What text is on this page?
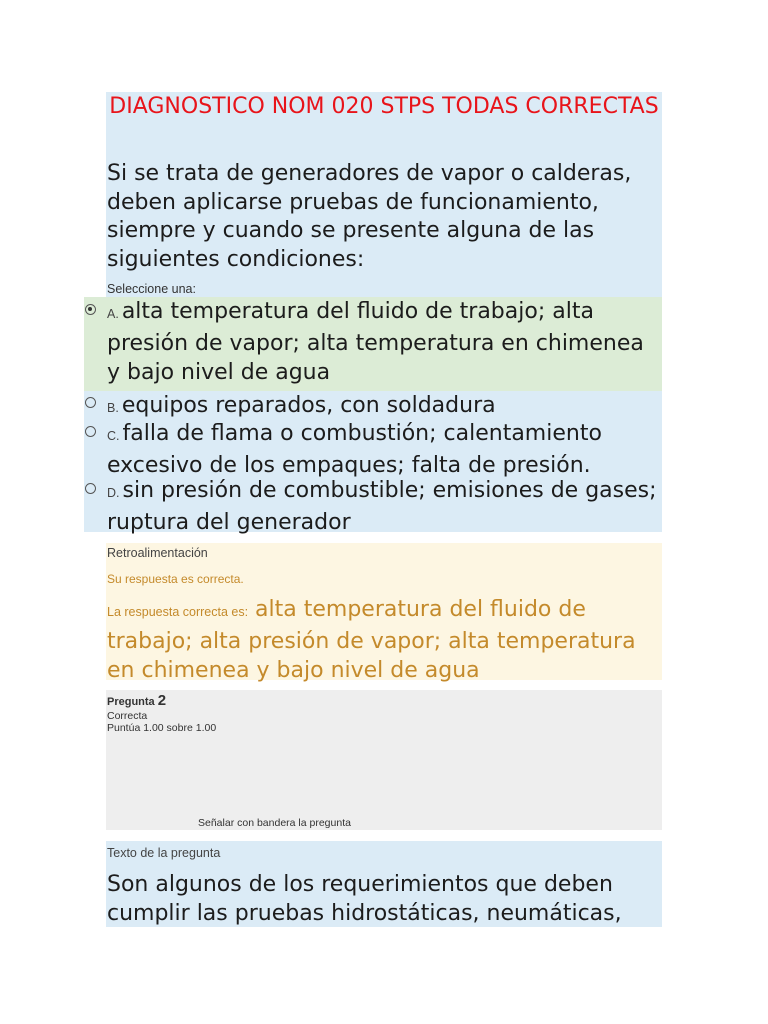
DIAGNOSTICO NOM 020 STPS TODAS CORRECTAS
Si se trata de generadores de vapor o calderas, deben aplicarse pruebas de funcionamiento, siempre y cuando se presente alguna de las siguientes condiciones:
Seleccione una:
A. alta temperatura del fluido de trabajo; alta presión de vapor; alta temperatura en chimenea y bajo nivel de agua
B. equipos reparados, con soldadura
C. falla de flama o combustión; calentamiento excesivo de los empaques; falta de presión.
D. sin presión de combustible; emisiones de gases; ruptura del generador
Retroalimentación
Su respuesta es correcta.
La respuesta correcta es: alta temperatura del fluido de trabajo; alta presión de vapor; alta temperatura en chimenea y bajo nivel de agua
Pregunta 2
Correcta
Puntúa 1.00 sobre 1.00
Señalar con bandera la pregunta
Texto de la pregunta
Son algunos de los requerimientos que deben cumplir las pruebas hidrostáticas, neumáticas,
